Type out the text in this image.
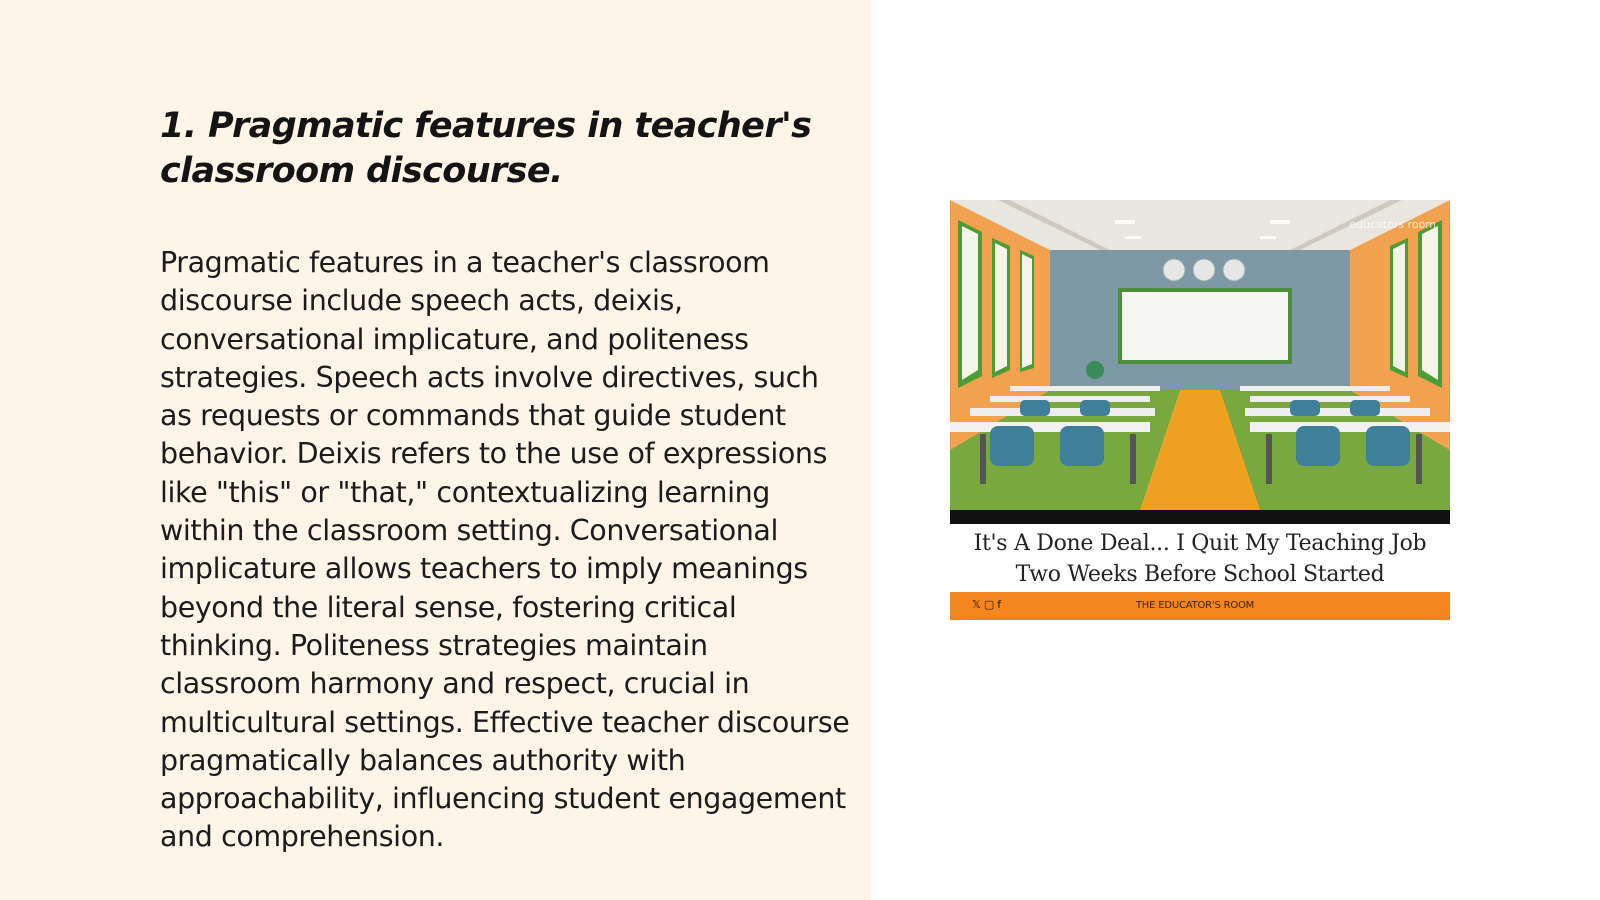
1. Pragmatic features in teacher's classroom discourse.

Pragmatic features in a teacher's classroom discourse include speech acts, deixis, conversational implicature, and politeness strategies. Speech acts involve directives, such as requests or commands that guide student behavior. Deixis refers to the use of expressions like "this" or "that," contextualizing learning within the classroom setting. Conversational implicature allows teachers to imply meanings beyond the literal sense, fostering critical thinking. Politeness strategies maintain classroom harmony and respect, crucial in multicultural settings. Effective teacher discourse pragmatically balances authority with approachability, influencing student engagement and comprehension.

educators room

It's A Done Deal... I Quit My Teaching Job
Two Weeks Before School Started

𝕏▢f	THE EDUCATOR'S ROOM
